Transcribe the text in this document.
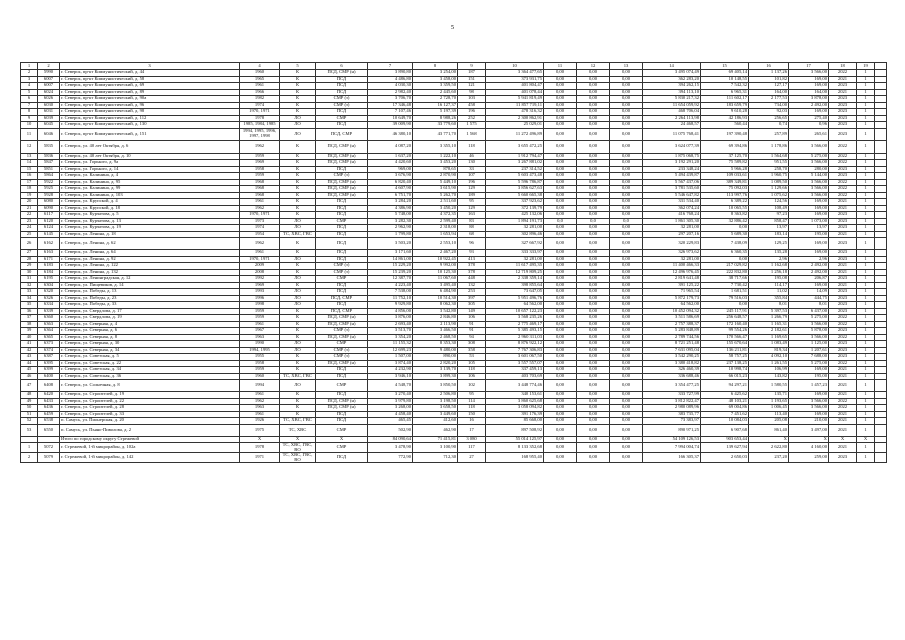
5
1	2	3	4	5	6	7	8	9	10	11	12	13	14	15	16	17	18	19	
2	5990	г. Северск, пр-кт Коммунистический, д. 44	1960	К	ПСД, СМР (н)	3 890,80	3 254,00	187	3 364 477,65	0,00	0,00	0,00	3 495 074,49	69 405,14	1 137,26	3 566,00	2022	1	
3	6007	г. Северск, пр-кт Коммунистический, д. 58	1965	К	ПСД	4 486,80	3 458,00	151	373 931,75	0,00	0,00	0,00	362 283,20	10 148,55	101,82	169,00	2021	1	
4	6007	г. Северск, пр-кт Коммунистический, д. 69	1961	К	ПСД	4 030,30	3 359,50	121	401 804,47	0,00	0,00	0,00	394 262,15	7 542,32	127,17	169,00	2023	1	
5	6024	г. Северск, пр-кт Коммунистический, д. 89	1966	К	ПСД	2 982,40	2 445,60	98	401 078,44	0,00	0,00	0,00	394 113,10	6 965,31	164,00	164,00	2021	1	
6	6026	г. Северск, пр-кт Коммунистический, д. 90а	1982	К	СМР (з)	3 706,70	2 728,70	103	5 941 819,49	0,00	0,00	0,00	5 830 217,32	111 602,17	2 177,53	3 878,00	2023	1	
7	6030	г. Северск, пр-кт Коммунистический, д. 96	1974	К	СМР (з)	17 346,48	16 127,37	458	11 857 719,11	0,00	0,00	0,00	11 654 059,92	183 659,79	734,00	2 492,00	2023	1	
8	6031	г. Северск, пр-кт Коммунистический, д. 98	1970, 1971	К	ПСД	7 107,46	5 197,39	196	478 316,32	0,00	0,00	0,00	468 706,04	9 610,28	92,03	169,00	2023	1	
9	6039	г. Северск, пр-кт Коммунистический, д. 112	1978	ЛО	СМР	10 649,70	8 988,26	252	2 300 862,91	0,00	0,00	0,00	2 264 113,98	42 186,93	256,65	275,40	2023	1	
10	6045	г. Северск, пр-кт Коммунистический, д. 130	1985, 1984, 1985	ЛО	ПСД	39 009,90	33 779,60	1 575	25 029,01	0,00	0,00	0,00	24 468,57	560,44	0,74	0,96	2023	1	
11	6046	г. Северск, пр-кт Коммунистический, д. 151	1994, 1995, 1996, 1997, 1998	ЛО	ПСД, СМР	46 380,10	43 771,70	1 568	11 272 496,89	0,00	0,00	0,00	11 075 768,41	197 390,48	257,89	265,61	2023	1	
12	5835	г. Северск, ул. 40 лет Октября, д. 6	1962	К	ПСД, СМР (н)	4 087,20	3 355,10	118	3 655 472,25	0,00	0,00	0,00	3 624 077,39	69 394,86	1 178,86	3 566,00	2022	1	
13	5836	г. Северск, ул. 40 лет Октября, д. 10	1959	К	ПСД, СМР (н)	1 637,20	1 222,10	46	1 912 794,47	0,00	0,00	0,00	1 875 068,75	37 125,70	1 564,68	5 275,00	2022	1	
14	5847	г. Северск, ул. Горького, д. 9а	1969	К	ПСД, СМР (н)	4 420,60	3 453,20	130	3 267 881,02	0,00	0,00	0,00	3 192 291,20	75 589,82	951,55	3 566,00	2022	1	
15	5851	г. Северск, ул. Горького, д. 14	1958	К	ПСД	969,00	878,65	33	237 314,52	0,00	0,00	0,00	233 348,24	5 966,28	258,70	280,00	2023	1	
16	5864	г. Северск, ул. Калинина, д. 4	1959	К	СМР (з)	3 676,90	2 870,90	107	5 603 473,48	0,00	0,00	0,00	5 494 439,87	109 033,61	1 960,75	5 144,00	2023	1	
17	5922	г. Северск, ул. Калинина, д. 95	1968	К	ПСД, СМР (н)	6 820,40	5 449,10	196	5 596 786,87	0,00	0,00	0,00	5 567 437,06	389 349,81	1 089,50	3 566,00	2022	1	
18	5925	г. Северск, ул. Калинина, д. 99	1968	К	ПСД, СМР (н)	4 607,90	3 615,90	129	3 856 627,63	0,00	0,00	0,00	3 781 535,60	75 092,03	1 129,66	3 566,00	2022	1	
19	5928	г. Северск, ул. Калинина, д. 103	1968	К	ПСД, СМР (н)	6 751,70	5 262,70	189	5 660 665,38	0,00	0,00	0,00	5 546 647,82	113 997,76	1 075,62	3 566,00	2022	1	
20	6080	г. Северск, ул. Крупской, д. 4	1961	К	ПСД	3 284,20	2 511,60	95	337 923,62	0,00	0,00	0,00	331 534,40	6 389,22	124,56	169,00	2021	1	
21	6090	г. Северск, ул. Крупской, д. 18	1962	К	ПСД	4 386,90	3 450,20	129	372 139,79	0,00	0,00	0,00	362 074,24	10 065,55	108,49	169,00	2021	1	
22	6117	г. Северск, ул. Курчатова, д. 5	1970, 1971	К	ПСД	5 748,00	4 372,35	163	425 132,06	0,00	0,00	0,00	416 768,24	8 363,82	97,23	169,00	2023	1	
23	6120	г. Северск, ул. Курчатова, д. 13	1973	ЛО	СМР	3 282,30	2 599,40	83	1 894 191,73	0,0	0,0	0,0	1 861 305,30	32 886,42	858,47	1 073,00	2023	1	
24	6124	г. Северск, ул. Курчатова, д. 19	1974	ЛО	ПСД	2 962,90	2 318,00	88	32 281,00	0,00	0,00	0,00	32 281,00	0,00	13,97	13,97	2023	1	
25	6145	г. Северск, ул. Ленина, д. 18	1954	ТС, ХВС, ГВС	ПСД	1 799,80	1 653,94	68	302 896,46	0,00	0,00	0,00	297 207,16	5 689,30	183,14	195,00	2021	1	
26	6162	г. Северск, ул. Ленина, д. 62	1962	К	ПСД	3 503,20	2 553,10	96	327 667,92	0,00	0,00	0,00	320 229,83	7 438,09	129,25	169,00	2023	1	
27	6163	г. Северск, ул. Ленина, д. 64	1961	К	ПСД	3 171,60	2 467,20	93	333 333,97	0,00	0,00	0,00	326 973,62	6 360,35	135,28	169,00	2023	1	
28	6171	г. Северск, ул. Ленина, д. 92	1970, 1971	ЛО	ПСД	14 861,00	10 922,45	413	32 281,00	0,00	0,00	0,00	32 281,00	0,00	2,96	2,96	2023	1	
29	6183	г. Северск, ул. Ленина, д. 122	2009	К	СМР (з)	15 229,20	9 992,00	378	11 617 495,35	0,00	0,00	0,00	11 400 466,33	217 029,82	1 162,68	2 492,00	2021	1	
30	6184	г. Северск, ул. Ленина, д. 132	2008	К	СМР (з)	15 239,20	10 125,30	378	12 719 809,25	0,00	0,00	0,00	12 496 976,45	222 832,80	1 256,18	2 492,00	2021	1	
31	6195	г. Северск, ул. Ленинградская, д. 12	1992	ЛО	СМР	12 387,70	11 067,60	448	2 338 359,14	0,00	0,00	0,00	2 819 641,48	38 717,66	195,08	206,87	2023	1	
32	6304	г. Северск, ул. Пищевиков, д. 14	1969	К	ПСД	4 223,40	3 495,40	132	398 855,64	0,00	0,00	0,00	391 125,22	7 730,42	114,17	169,00	2021	1	
33	6320	г. Северск, ул. Победы, д. 13	1993	ЛО	ПСД	7 538,00	6 484,90	253	73 647,05	0,00	0,00	0,00	71 965,54	1 681,51	11,02	14,09	2023	1	
34	6326	г. Северск, ул. Победы, д. 23	1996	ЛО	ПСД, СМР	11 752,10	10 514,30	397	5 951 496,76	0,00	0,00	0,00	5 872 179,73	79 516,03	355,84	444,75	2023	1	
35	6334	г. Северск, ул. Победы, д. 33	1998	ЛО	ПСД	9 929,80	8 062,30	305	64 562,00	0,00	0,00	0,00	64 562,00	0,00	8,01	8,01	2023	1	
36	6339	г. Северск, ул. Свердлова, д. 17	1959	К	ПСД, СМР	4 856,00	3 542,80	149	10 657 122,23	0,00	0,00	0,00	10 452 094,32	245 117,91	5 397,53	6 437,00	2023	1	
37	6360	г. Северск, ул. Свердлова, д. 19	1959	К	ПСД, СМР (н)	3 876,00	2 846,80	106	3 568 235,26	0,00	0,00	0,00	3 511 586,69	256 648,57	1 266,79	5 275,00	2022	1	
38	6363	г. Северск, ул. Северная, д. 4	1961	К	ПСД, СМР (н)	2 693,40	2 113,90	91	2 775 469,17	0,00	0,00	0,00	2 757 388,37	172 160,40	1 165,31	3 566,00	2022	1	
39	6364	г. Северск, ул. Северная, д. 6	1967	К	СМР (з)	3 513,70	3 466,50	91	5 385 493,15	0,00	0,00	0,00	5 283 848,89	99 554,26	2 182,61	5 878,00	2023	1	
40	6365	г. Северск, ул. Северная, д. 8	1963	К	ПСД, СМР (н)	3 354,20	2 468,50	94	2 960 311,03	0,00	0,00	0,00	2 789 744,56	170 566,47	1 169,65	3 566,00	2022	1	
41	6373	г. Северск, ул. Северная, д. 30	1990	ЛО	СМР	11 155,32	8 353,30	308	8 876 922,12	0,00	0,00	0,00	8 721 251,48	155 670,64	1 083,49	1 125,00	2023	1	
42	6374	г. Северск, ул. Северная, д. 34	1994, 1995	ЛО	СМР (з)	12 699,23	9 480,00	358	7 767 306,83	0,00	0,00	0,00	7 631 095,04	136 211,81	819,34	1 207,61	2023	1	
43	6387	г. Северск, ул. Советская, д. 5	1955	К	СМР (з)	1 507,00	890,00	53	3 601 067,50	0,00	0,00	0,00	3 542 290,25	58 757,25	4 092,10	7 688,00	2023	1	
44	6395	г. Северск, ул. Советская, д. 22	1958	К	ПСД, СМР (н)	3 874,40	2 820,20	105	3 557 557,07	0,00	0,00	0,00	3 380 418,82	237 138,25	1 261,55	5 275,00	2022	1	
45	6399	г. Северск, ул. Советская, д. 34	1959	К	ПСД	4 232,90	3 139,70	118	337 459,13	0,00	0,00	0,00	326 460,39	10 998,74	106,99	169,00	2021	1	
46	6400	г. Северск, ул. Советская, д. 36	1960	ТС, ХВС, ГВС	ПСД	3 946,10	3 899,30	106	403 703,69	0,00	0,00	0,00	336 688,46	66 015,23	143,82	195,00	2021	1	
47	6408	г. Северск, ул. Солнечная, д. 8	1994	ЛО	СМР	4 548,70	3 850,50	102	3 448 774,46	0,00	0,00	0,00	3 354 477,25	94 297,21	1 580,55	1 457,23	2021	1	
48	6420	г. Северск, ул. Строителей, д. 19	1961	К	ПСД	3 270,40	2 506,80	95	340 153,61	0,00	0,00	0,00	333 727,99	6 425,62	135,71	169,00	2021	1	
49	6433	г. Северск, ул. Строителей, д. 22	1962	К	ПСД, СМР (н)	3 979,80	3 198,50	114	3 860 625,68	0,00	0,00	0,00	3 812 822,47	48 103,21	1 193,65	3 566,00	2022	1	
50	6436	г. Северск, ул. Строителей, д. 28	1963	К	ПСД, СМР (н)	3 268,00	3 658,50	118	3 058 094,82	0,00	0,00	0,00	2 980 089,96	69 004,86	1 006,45	3 566,00	2022	1	
51	6459	г. Северск, ул. Строителей, д. 33	1961	К	ПСД	4 458,40	3 449,60	150	391 176,39	0,00	0,00	0,00	383 735,77	7 451,62	113,40	169,00	2021	1	
52	6538	п. Самусь, ул. Пионерская, д. 20	1926	ТС, ХВС, ГВС	ПСД	465,45	412,60	16	85 668,00	0,00	0,00	0,00	73 383,97	10 084,03	205,08	210,00	2021	1	
53	6550	п. Самусь, ул. Пьяно-Пиволова, д. 2	1975	ТС, ХВС	СМР	502,90	462,90	17	897 508,92	0,00	0,00	0,00	890 971,25	6 907,68	861,40	3 497,00	2021	1	
		Итого по городскому округу Стрежевой	X	X	X	84 090,64	71 415,81	3 080	55 014 125,97	0,00	0,00	0,00	54 109 126,53	903 653,44	X	X	X	X	
1	5072	г. Стрежевой, 1-й микрорайон, д. 102а	1978	ТС, ХВС, ГВС, ВО	СМР	3 478,90	3 100,90	117	8 133 352,68	0,00	0,00	0,00	7 994 004,74	139 627,94	2 622,80	4 160,00	2021	1	
2	5079	г. Стрежевой, 1-й микрорайон, д. 142	1971	ТС, ХВС, ГВС, ВО	ПСД	772,90	712,30	27	168 955,40	0,00	0,00	0,00	166 305,37	2 650,03	237,20	259,00	2023	1	
